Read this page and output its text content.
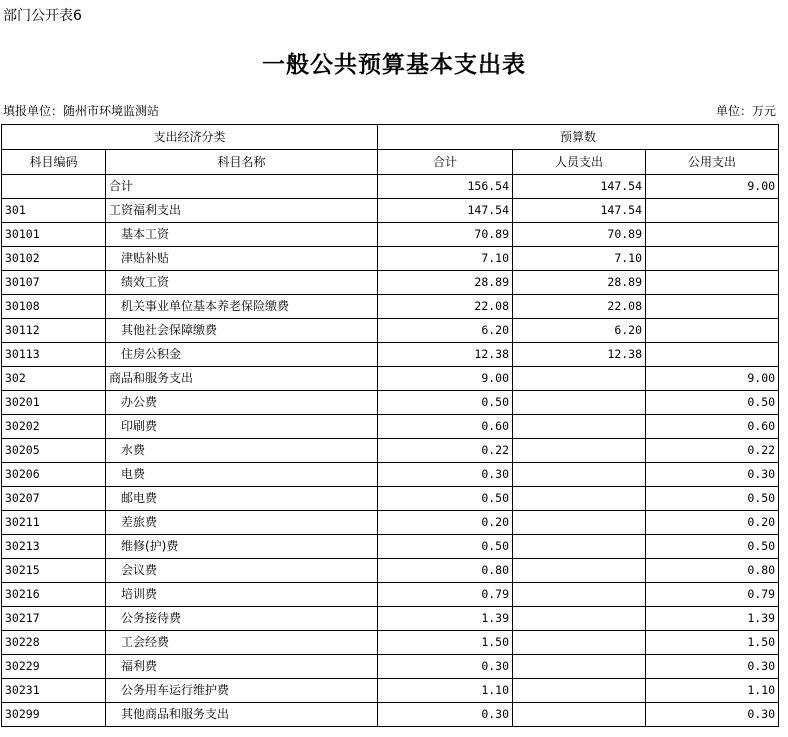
部门公开表6
一般公共预算基本支出表
填报单位：随州市环境监测站	单位：万元
支出经济分类		预算数		
科目编码	科目名称	合计	人员支出	公用支出
	合计	156.54	147.54	9.00
301	工资福利支出	147.54	147.54	
30101	基本工资	70.89	70.89	
30102	津贴补贴	7.10	7.10	
30107	绩效工资	28.89	28.89	
30108	机关事业单位基本养老保险缴费	22.08	22.08	
30112	其他社会保障缴费	6.20	6.20	
30113	住房公积金	12.38	12.38	
302	商品和服务支出	9.00		9.00
30201	办公费	0.50		0.50
30202	印刷费	0.60		0.60
30205	水费	0.22		0.22
30206	电费	0.30		0.30
30207	邮电费	0.50		0.50
30211	差旅费	0.20		0.20
30213	维修(护)费	0.50		0.50
30215	会议费	0.80		0.80
30216	培训费	0.79		0.79
30217	公务接待费	1.39		1.39
30228	工会经费	1.50		1.50
30229	福利费	0.30		0.30
30231	公务用车运行维护费	1.10		1.10
30299	其他商品和服务支出	0.30		0.30
